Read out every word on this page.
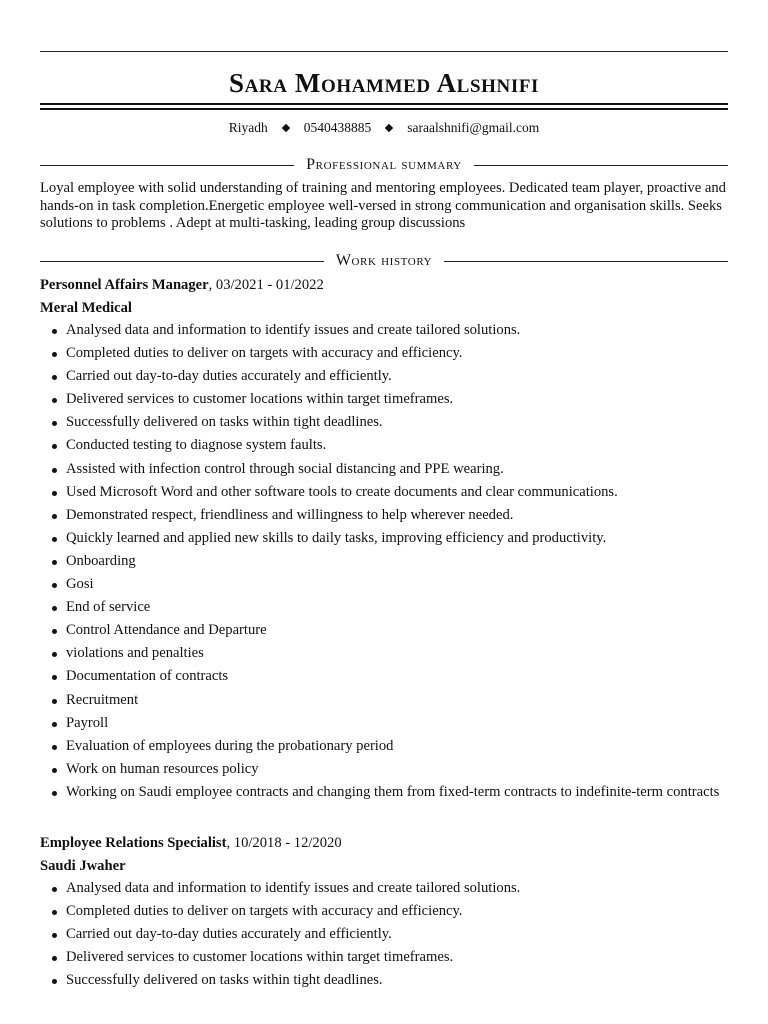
Sara Mohammed Alshnifi
Riyadh	0540438885	saraalshnifi@gmail.com
Professional summary

Loyal employee with solid understanding of training and mentoring employees. Dedicated team player, proactive and hands-on in task completion.Energetic employee well-versed in strong communication and organisation skills. Seeks solutions to problems . Adept at multi-tasking, leading group discussions

Work history
Personnel Affairs Manager, 03/2021 - 01/2022
Meral Medical
Analysed data and information to identify issues and create tailored solutions.
Completed duties to deliver on targets with accuracy and efficiency.
Carried out day-to-day duties accurately and efficiently.
Delivered services to customer locations within target timeframes.
Successfully delivered on tasks within tight deadlines.
Conducted testing to diagnose system faults.
Assisted with infection control through social distancing and PPE wearing.
Used Microsoft Word and other software tools to create documents and clear communications.
Demonstrated respect, friendliness and willingness to help wherever needed.
Quickly learned and applied new skills to daily tasks, improving efficiency and productivity.
Onboarding
Gosi
End of service
Control Attendance and Departure
violations and penalties
Documentation of contracts
Recruitment
Payroll
Evaluation of employees during the probationary period
Work on human resources policy
Working on Saudi employee contracts and changing them from fixed-term contracts to indefinite-term contracts
Employee Relations Specialist, 10/2018 - 12/2020
Saudi Jwaher
Analysed data and information to identify issues and create tailored solutions.
Completed duties to deliver on targets with accuracy and efficiency.
Carried out day-to-day duties accurately and efficiently.
Delivered services to customer locations within target timeframes.
Successfully delivered on tasks within tight deadlines.
